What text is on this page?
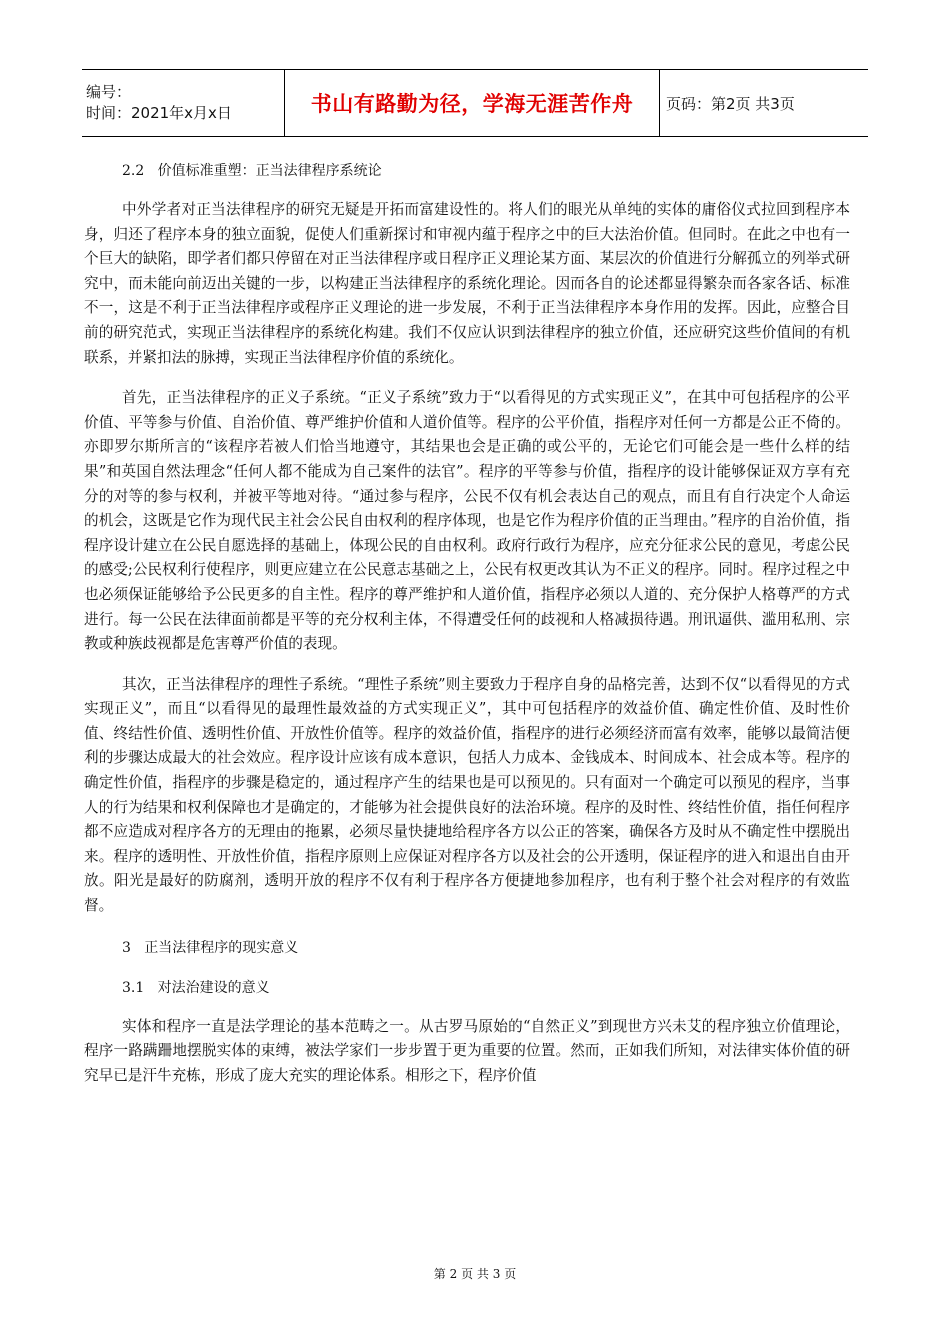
编号：
时间：2021年x月x日	书山有路勤为径，学海无涯苦作舟	页码：第2页 共3页
2.2   价值标准重塑：正当法律程序系统论

中外学者对正当法律程序的研究无疑是开拓而富建设性的。将人们的眼光从单纯的实体的庸俗仪式拉回到程序本身，归还了程序本身的独立面貌，促使人们重新探讨和审视内蕴于程序之中的巨大法治价值。但同时。在此之中也有一个巨大的缺陷，即学者们都只停留在对正当法律程序或日程序正义理论某方面、某层次的价值进行分解孤立的列举式研究中，而未能向前迈出关键的一步，以构建正当法律程序的系统化理论。因而各自的论述都显得繁杂而各家各话、标准不一，这是不利于正当法律程序或程序正义理论的进一步发展，不利于正当法律程序本身作用的发挥。因此，应整合目前的研究范式，实现正当法律程序的系统化构建。我们不仅应认识到法律程序的独立价值，还应研究这些价值间的有机联系，并紧扣法的脉搏，实现正当法律程序价值的系统化。

首先，正当法律程序的正义子系统。“正义子系统”致力于“以看得见的方式实现正义”，在其中可包括程序的公平价值、平等参与价值、自治价值、尊严维护价值和人道价值等。程序的公平价值，指程序对任何一方都是公正不倚的。亦即罗尔斯所言的“该程序若被人们恰当地遵守，其结果也会是正确的或公平的，无论它们可能会是一些什么样的结果”和英国自然法理念“任何人都不能成为自己案件的法官”。程序的平等参与价值，指程序的设计能够保证双方享有充分的对等的参与权利，并被平等地对待。“通过参与程序，公民不仅有机会表达自己的观点，而且有自行决定个人命运的机会，这既是它作为现代民主社会公民自由权利的程序体现，也是它作为程序价值的正当理由。”程序的自治价值，指程序设计建立在公民自愿选择的基础上，体现公民的自由权利。政府行政行为程序，应充分征求公民的意见，考虑公民的感受;公民权利行使程序，则更应建立在公民意志基础之上，公民有权更改其认为不正义的程序。同时。程序过程之中也必须保证能够给予公民更多的自主性。程序的尊严维护和人道价值，指程序必须以人道的、充分保护人格尊严的方式进行。每一公民在法律面前都是平等的充分权利主体，不得遭受任何的歧视和人格减损待遇。刑讯逼供、滥用私刑、宗教或种族歧视都是危害尊严价值的表现。

其次，正当法律程序的理性子系统。“理性子系统”则主要致力于程序自身的品格完善，达到不仅“以看得见的方式实现正义”，而且“以看得见的最理性最效益的方式实现正义”，其中可包括程序的效益价值、确定性价值、及时性价值、终结性价值、透明性价值、开放性价值等。程序的效益价值，指程序的进行必须经济而富有效率，能够以最简洁便利的步骤达成最大的社会效应。程序设计应该有成本意识，包括人力成本、金钱成本、时间成本、社会成本等。程序的确定性价值，指程序的步骤是稳定的，通过程序产生的结果也是可以预见的。只有面对一个确定可以预见的程序，当事人的行为结果和权利保障也才是确定的，才能够为社会提供良好的法治环境。程序的及时性、终结性价值，指任何程序都不应造成对程序各方的无理由的拖累，必须尽量快捷地给程序各方以公正的答案，确保各方及时从不确定性中摆脱出来。程序的透明性、开放性价值，指程序原则上应保证对程序各方以及社会的公开透明，保证程序的进入和退出自由开放。阳光是最好的防腐剂，透明开放的程序不仅有利于程序各方便捷地参加程序，也有利于整个社会对程序的有效监督。

3   正当法律程序的现实意义
3.1   对法治建设的意义

实体和程序一直是法学理论的基本范畴之一。从古罗马原始的“自然正义”到现世方兴未艾的程序独立价值理论，程序一路蹒跚地摆脱实体的束缚，被法学家们一步步置于更为重要的位置。然而，正如我们所知，对法律实体价值的研究早已是汗牛充栋，形成了庞大充实的理论体系。相形之下，程序价值

第 2 页 共 3 页
